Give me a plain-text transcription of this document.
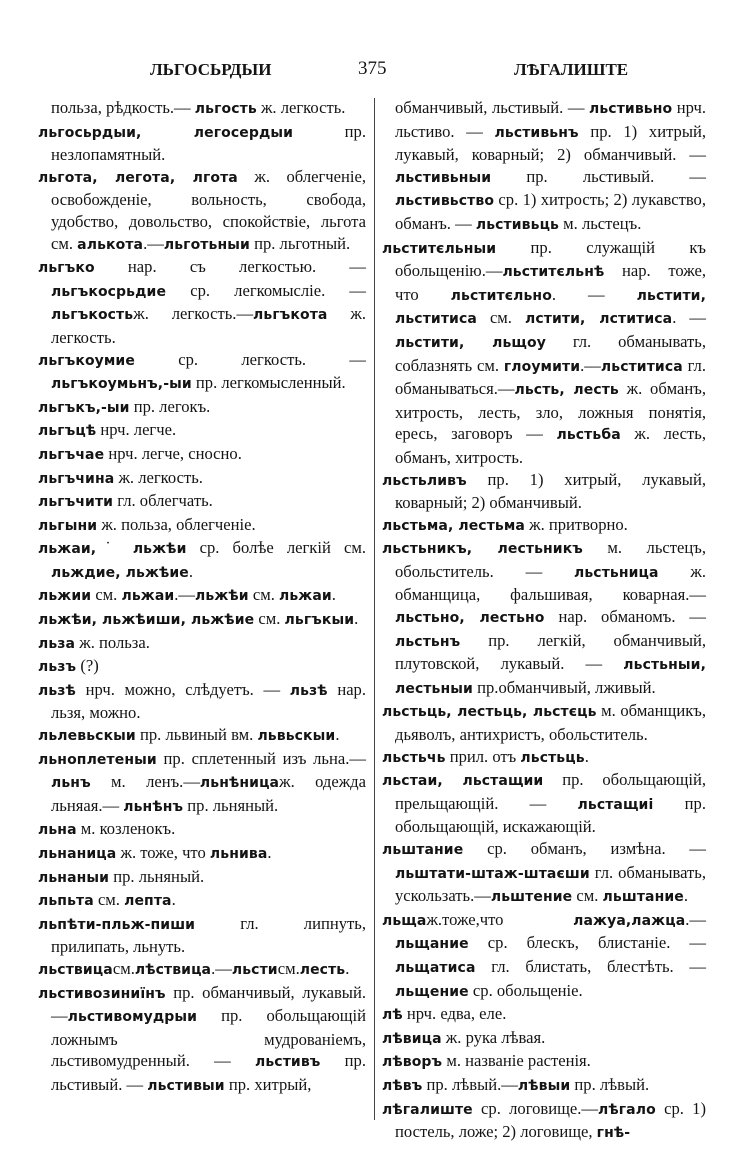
ЛЬГОСЬРДЫИ	375	ЛѢГАЛИШТЕ

польза, рѣдкость.— льгость ж. легкость.

льгосьрдыи, легосердыи пр. незлопамятный.

льгота, легота, лгота ж. облегченіе, освобожденіе, вольность, свобода, удобство, довольство, спокойствіе, льгота см. алькота.—льготьныи пр. льготный.

льгъко нар. съ легкостью. — льгъкосрьдие ср. легкомысліе. — льгъкостьж. легкость.—льгъкота ж. легкость.

льгъкоумие ср. легкость. — льгъкоумьнъ,-ыи пр. легкомысленный.

льгъкъ,-ыи пр. легокъ.

льгъцѣ нрч. легче.

льгъчае нрч. легче, сносно.

льгъчина ж. легкость.

льгъчити гл. облегчать.

льгыни ж. польза, облегченіе.

льжаи,˙ льжѣи ср. болѣе легкій см. льждие, льжѣие.

льжии см. льжаи.—льжѣи см. льжаи.

льжѣи, льжѣиши, льжѣие см. льгъкыи.

льза ж. польза.

льзъ (?)

льзѣ нрч. можно, слѣдуетъ. — льзѣ нар. льзя, можно.

льлевьскыи пр. львиный вм. львьскыи.

льноплетеныи пр. сплетенный изъ льна.—льнъ м. ленъ.—льнѣницаж. одежда льняая.— льнѣнъ пр. льняный.

льна м. козленокъ.

льнаница ж. тоже, что льнива.

льнаныи пр. льняный.

льпьта см. лепта.

льпѣти-пльж-пиши гл. липнуть, прилипать, льнуть.

льствицасм.лѣствица.—льстисм.лесть.

льстивозиниїнъ пр. обманчивый, лукавый.—льстивомудрыи пр. обольщающій ложнымъ мудрованіемъ, льстивомудренный. — льстивъ пр. льстивый. — льстивыи пр. хитрый,

обманчивый, льстивый. — льстивьно нрч. льстиво. — льстивьнъ пр. 1) хитрый, лукавый, коварный; 2) обманчивый. — льстивьныи пр. льстивый. —льстивьство ср. 1) хитрость; 2) лукавство, обманъ. — льстивьць м. льстецъ.

льститєльныи пр. служащій къ обольщенію.—льститєльнѣ нар. тоже, что льститєльно. — льстити, льститиса см. лстити, лститиса. — льстити, льщоу гл. обманывать, соблазнять см. глоумити.—льститиса гл. обманываться.—льсть, лесть ж. обманъ, хитрость, лесть, зло, ложныя понятія, ересь, заговоръ — льстьба ж. лесть, обманъ, хитрость.

льстьливъ пр. 1) хитрый, лукавый, коварный; 2) обманчивый.

льстьма, лестьма ж. притворно.

льстьникъ, лестьникъ м. льстецъ, обольститель. — льстьница ж. обманщица, фальшивая, коварная.— льстьно, лестьно нар. обманомъ. — льстьнъ пр. легкій, обманчивый, плутовской, лукавый. — льстьныи, лестьныи пр.обманчивый, лживый.

льстьць, лестьць, льстєць м. обманщикъ, дьяволъ, антихристъ, обольститель.

льстьчь прил. отъ льстьць.

льстаи, льстащии пр. обольщающій, прельщающій. — льстащиі пр. обольщающій, искажающій.

льштание ср. обманъ, измѣна. — льштати-штаж-штаєши гл. обманывать, ускользать.—льштение см. льштание.

льщаж.тоже,что лажуа,лажца.—льщание ср. блескъ, блистаніе. — льщатиса гл. блистать, блестѣть. — льщение ср. обольщеніе.

лѣ нрч. едва, еле.

лѣвица ж. рука лѣвая.

лѣворъ м. названіе растенія.

лѣвъ пр. лѣвый.—лѣвыи пр. лѣвый.

лѣгалиште ср. логовище.—лѣгало ср. 1) постель, ложе; 2) логовище, гнѣ-
